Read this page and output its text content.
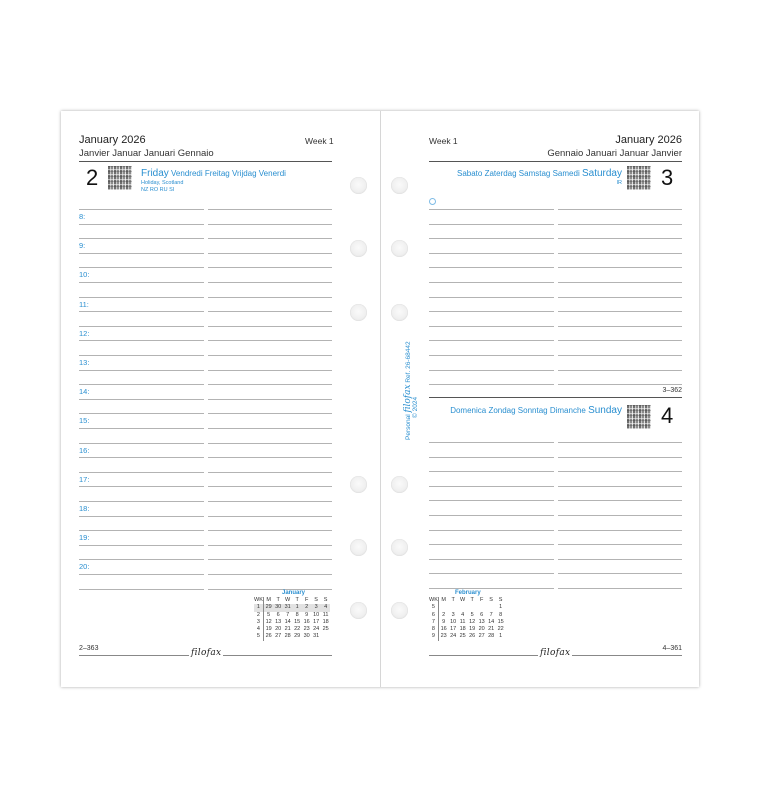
January 2026
Janvier Januar Januari Gennaio
Week 1
2	Friday Vendredi Freitag Vrijdag Venerdi
Holiday, Scotland
NZ RO RU SI
8:
9:
10:
11:
12:
13:
14:
15:
16:
17:
18:
19:
20:
January
WK	M	T	W	T	F	S	S
1	29	30	31	1	2	3	4
2	5	6	7	8	9	10	11
3	12	13	14	15	16	17	18
4	19	20	21	22	23	24	25
5	26	27	28	29	30	31	
2–363	filofax
Personal filofax Ref. 26-68442
© 2024
Week 1	January 2026
Gennaio Januari Januar Janvier
Sabato Zaterdag Samstag Samedi Saturday
IR 3
3–362
Domenica Zondag Sonntag Dimanche Sunday 4
February
WK	M	T	W	T	F	S	S
5							1
6	2	3	4	5	6	7	8
7	9	10	11	12	13	14	15
8	16	17	18	19	20	21	22
9	23	24	25	26	27	28	1
4–361
filofax
